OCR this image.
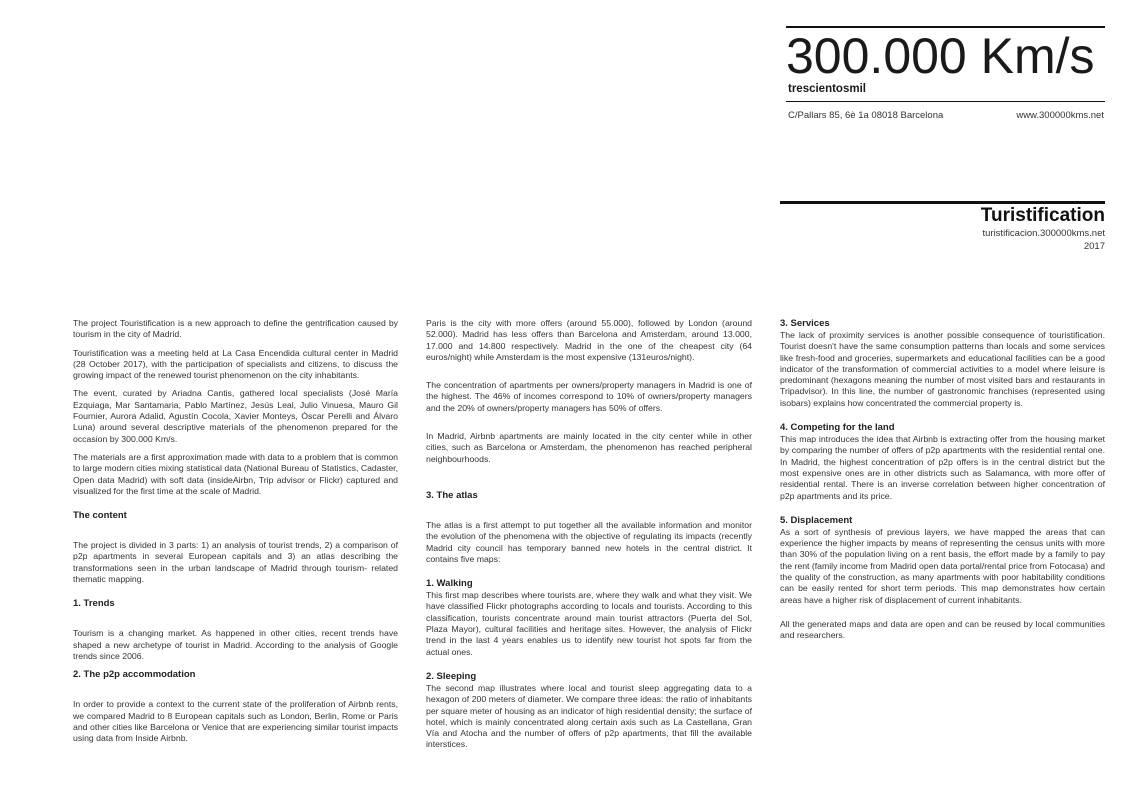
300.000 Km/s
trescientosmil
C/Pallars 85, 6è 1a 08018 Barcelona	www.300000kms.net
Turistification
turistificacion.300000kms.net
2017

The project Touristification is a new approach to define the gentrification caused by tourism in the city of Madrid.

Touristification was a meeting held at La Casa Encendida cultural center in Madrid (28 October 2017), with the participation of specialists and citizens, to discuss the growing impact of the renewed tourist phenomenon on the city inhabitants.

The event, curated by Ariadna Cantis, gathered local specialists (José María Ezquiaga, Mar Santamaria, Pablo Martínez, Jesús Leal, Julio Vinuesa, Mauro Gil Fournier, Aurora Adalid, Agustín Cocola, Xavier Monteys, Óscar Perelli and Álvaro Luna) around several descriptive materials of the phenomenon prepared for the occasion by 300.000 Km/s.

The materials are a first approximation made with data to a problem that is common to large modern cities mixing statistical data (National Bureau of Statistics, Cadaster, Open data Madrid) with soft data (insideAirbn, Trip advisor or Flickr) captured and visualized for the first time at the scale of Madrid.

The content

The project is divided in 3 parts: 1) an analysis of tourist trends, 2) a comparison of p2p apartments in several European capitals and 3) an atlas describing the transformations seen in the urban landscape of Madrid through tourism- related thematic mapping.

1. Trends

Tourism is a changing market. As happened in other cities, recent trends have shaped a new archetype of tourist in Madrid. According to the analysis of Google trends since 2006.

2. The p2p accommodation

In order to provide a context to the current state of the proliferation of Airbnb rents, we compared Madrid to 8 European capitals such as London, Berlin, Rome or Paris and other cities like Barcelona or Venice that are experiencing similar tourist impacts using data from Inside Airbnb.

Paris is the city with more offers (around 55.000), followed by London (around 52.000). Madrid has less offers than Barcelona and Amsterdam, around 13.000, 17.000 and 14.800 respectively. Madrid in the one of the cheapest city (64 euros/night) while Amsterdam is the most expensive (131euros/night).

The concentration of apartments per owners/property managers in Madrid is one of the highest. The 46% of incomes correspond to 10% of owners/property managers and the 20% of owners/property managers has 50% of offers.

In Madrid, Airbnb apartments are mainly located in the city center while in other cities, such as Barcelona or Amsterdam, the phenomenon has reached peripheral neighbourhoods.

3. The atlas

The atlas is a first attempt to put together all the available information and monitor the evolution of the phenomena with the objective of regulating its impacts (recently Madrid city council has temporary banned new hotels in the central district. It contains five maps:

1. Walking

This first map describes where tourists are, where they walk and what they visit. We have classified Flickr photographs according to locals and tourists. According to this classification, tourists concentrate around main tourist attractors (Puerta del Sol, Plaza Mayor), cultural facilities and heritage sites. However, the analysis of Flickr trend in the last 4 years enables us to identify new tourist hot spots far from the actual ones.

2. Sleeping

The second map illustrates where local and tourist sleep aggregating data to a hexagon of 200 meters of diameter. We compare three ideas: the ratio of inhabitants per square meter of housing as an indicator of high residential density; the surface of hotel, which is mainly concentrated along certain axis such as La Castellana, Gran Vía and Atocha and the number of offers of p2p apartments, that fill the available interstices.

3. Services

The lack of proximity services is another possible consequence of touristification. Tourist doesn't have the same consumption patterns than locals and some services like fresh-food and groceries, supermarkets and educational facilities can be a good indicator of the transformation of commercial activities to a model where leisure is predominant (hexagons meaning the number of most visited bars and restaurants in Tripadvisor). In this line, the number of gastronomic franchises (represented using isobars) explains how concentrated the commercial property is.

4. Competing for the land

This map introduces the idea that Airbnb is extracting offer from the housing market by comparing the number of offers of p2p apartments with the residential rental one. In Madrid, the highest concentration of p2p offers is in the central district but the most expensive ones are in other districts such as Salamanca, with more offer of residential rental. There is an inverse correlation between higher concentration of p2p apartments and its price.

5. Displacement

As a sort of synthesis of previous layers, we have mapped the areas that can experience the higher impacts by means of representing the census units with more than 30% of the population living on a rent basis, the effort made by a family to pay the rent (family income from Madrid open data portal/rental price from Fotocasa) and the quality of the construction, as many apartments with poor habitability conditions can be easily rented for short term periods. This map demonstrates how certain areas have a higher risk of displacement of current inhabitants.

All the generated maps and data are open and can be reused by local communities and researchers.
